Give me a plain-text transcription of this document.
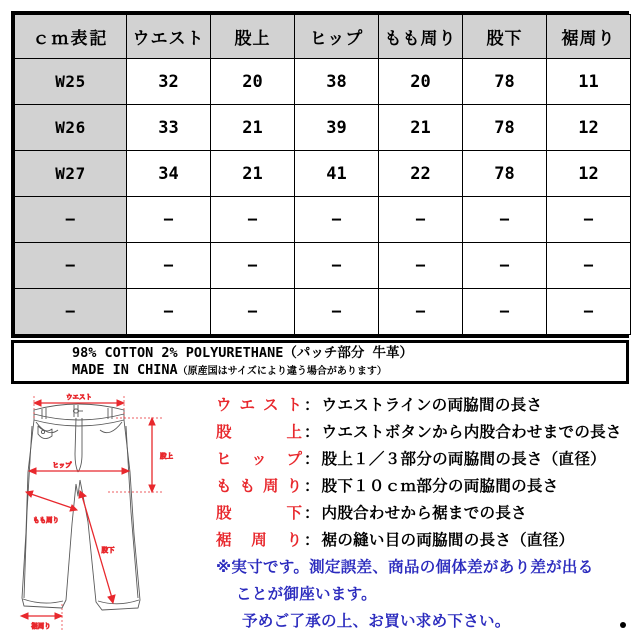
ｃｍ表記	ウエスト	股上	ヒップ	もも周り	股下	裾周り
W25	32	20	38	20	78	11
W26	33	21	39	21	78	12
W27	34	21	41	22	78	12
−	−	−	−	−	−	−
−	−	−	−	−	−	−
−	−	−	−	−	−	−
98% COTTON 2% POLYURETHANE（パッチ部分 牛革）
MADE IN CHINA（原産国はサイズにより違う場合があります）
ウエスト
股上
ヒップ
もも周り
股下
裾周り
ウ エ ス ト ： ウエストラインの両脇間の長さ
股	上 ： ウエストボタンから内股合わせまでの長さ
ヒ ッ プ ： 股上１／３部分の両脇間の長さ（直径）
も も 周 り ： 股下１０ｃｍ部分の両脇間の長さ
股	下 ： 内股合わせから裾までの長さ
裾 周 り ： 裾の縫い目の両脇間の長さ（直径）
※実寸です。測定誤差、商品の個体差があり差が出る
ことが御座います。
予めご了承の上、お買い求め下さい。
